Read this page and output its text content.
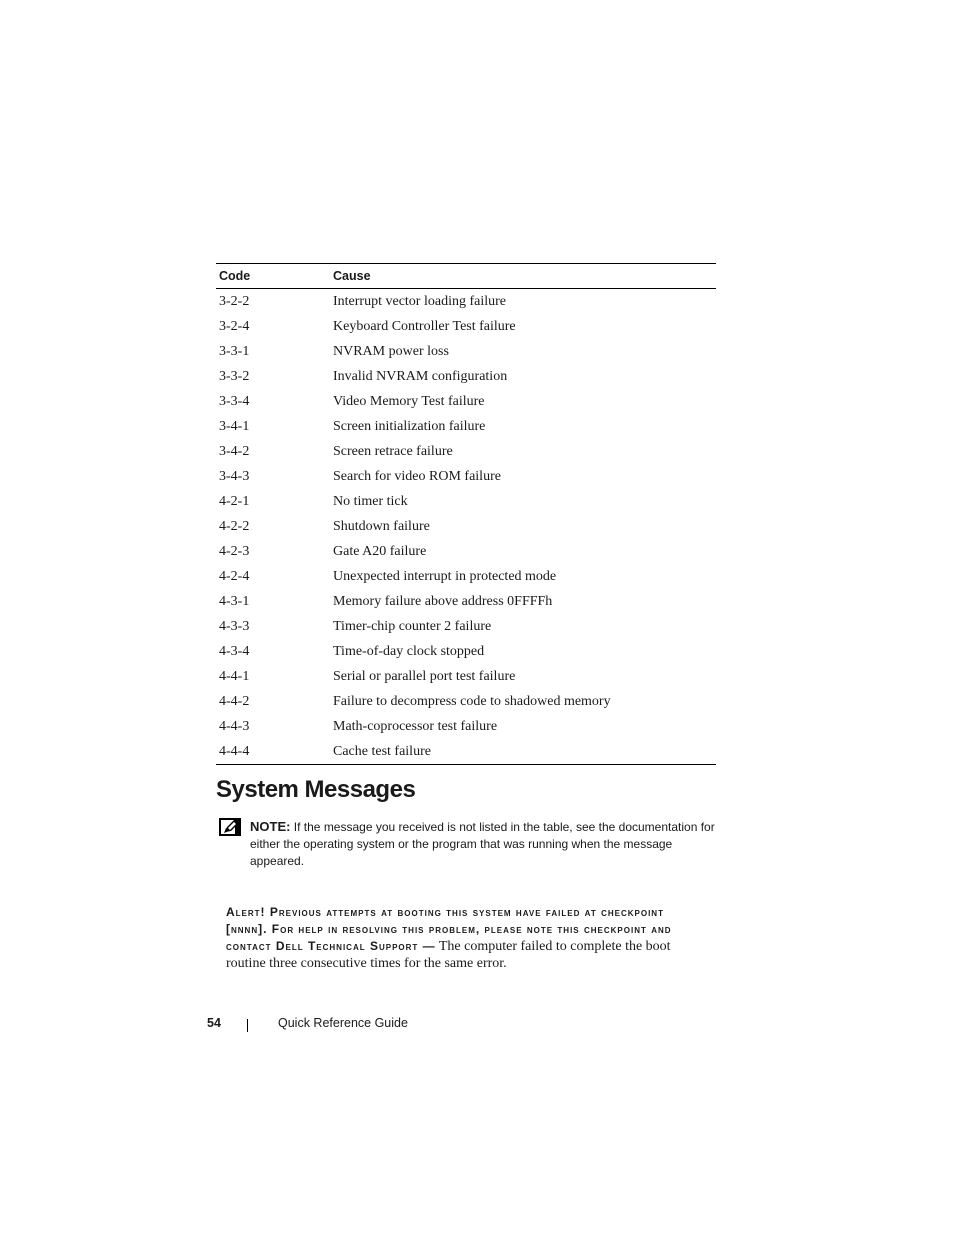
Code	Cause
3-2-2	Interrupt vector loading failure
3-2-4	Keyboard Controller Test failure
3-3-1	NVRAM power loss
3-3-2	Invalid NVRAM configuration
3-3-4	Video Memory Test failure
3-4-1	Screen initialization failure
3-4-2	Screen retrace failure
3-4-3	Search for video ROM failure
4-2-1	No timer tick
4-2-2	Shutdown failure
4-2-3	Gate A20 failure
4-2-4	Unexpected interrupt in protected mode
4-3-1	Memory failure above address 0FFFFh
4-3-3	Timer-chip counter 2 failure
4-3-4	Time-of-day clock stopped
4-4-1	Serial or parallel port test failure
4-4-2	Failure to decompress code to shadowed memory
4-4-3	Math-coprocessor test failure
4-4-4	Cache test failure
System Messages
NOTE: If the message you received is not listed in the table, see the documentation for either the operating system or the program that was running when the message appeared.
Alert! Previous attempts at booting this system have failed at checkpoint [nnnn]. For help in resolving this problem, please note this checkpoint and contact Dell Technical Support — The computer failed to complete the boot routine three consecutive times for the same error.
54	Quick Reference Guide
